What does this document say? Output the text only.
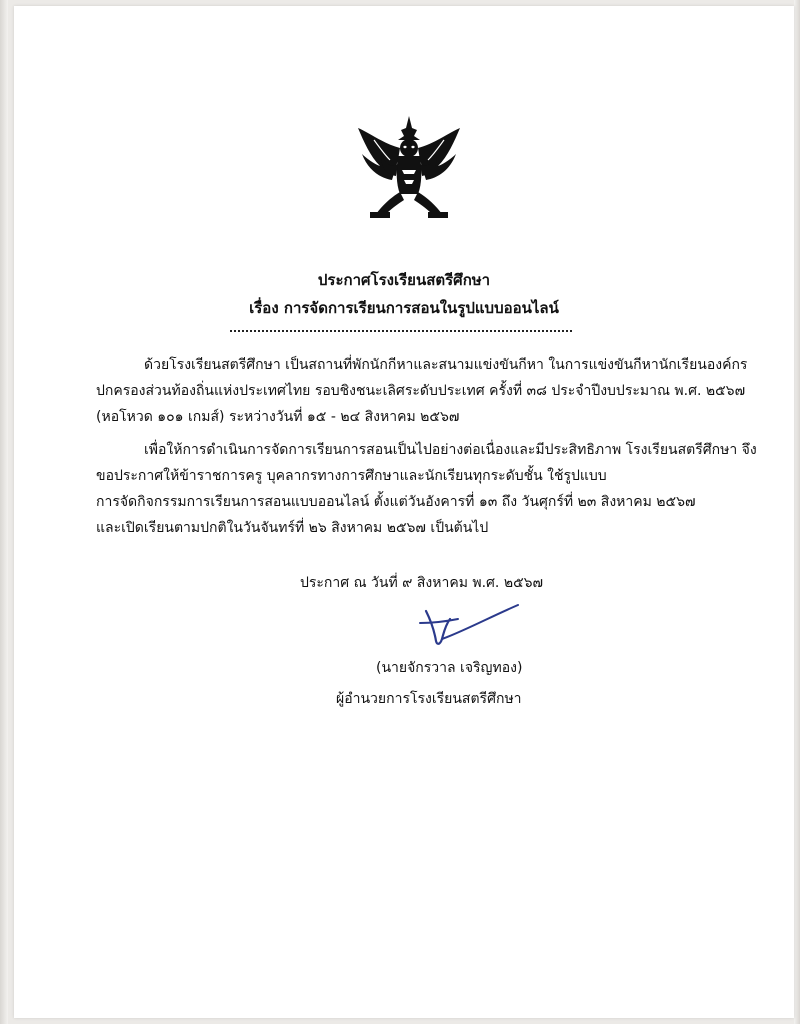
ประกาศโรงเรียนสตรีศึกษา
เรื่อง การจัดการเรียนการสอนในรูปแบบออนไลน์

ด้วยโรงเรียนสตรีศึกษา เป็นสถานที่พักนักกีหาและสนามแข่งขันกีหา ในการแข่งขันกีหานักเรียนองค์กร
ปกครองส่วนท้องถิ่นแห่งประเทศไทย รอบชิงชนะเลิศระดับประเทศ ครั้งที่ ๓๘ ประจำปีงบประมาณ พ.ศ. ๒๕๖๗
(หอโหวด ๑๐๑ เกมส์) ระหว่างวันที่ ๑๕ - ๒๔ สิงหาคม ๒๕๖๗

เพื่อให้การดำเนินการจัดการเรียนการสอนเป็นไปอย่างต่อเนื่องและมีประสิทธิภาพ โรงเรียนสตรีศึกษา จึง
ขอประกาศให้ข้าราชการครู บุคลากรทางการศึกษาและนักเรียนทุกระดับชั้น ใช้รูปแบบ
การจัดกิจกรรมการเรียนการสอนแบบออนไลน์ ตั้งแต่วันอังคารที่ ๑๓ ถึง วันศุกร์ที่ ๒๓ สิงหาคม ๒๕๖๗
และเปิดเรียนตามปกติในวันจันทร์ที่ ๒๖ สิงหาคม ๒๕๖๗ เป็นต้นไป

ประกาศ ณ วันที่ ๙ สิงหาคม พ.ศ. ๒๕๖๗
(นายจักรวาล เจริญทอง)
ผู้อำนวยการโรงเรียนสตรีศึกษา
